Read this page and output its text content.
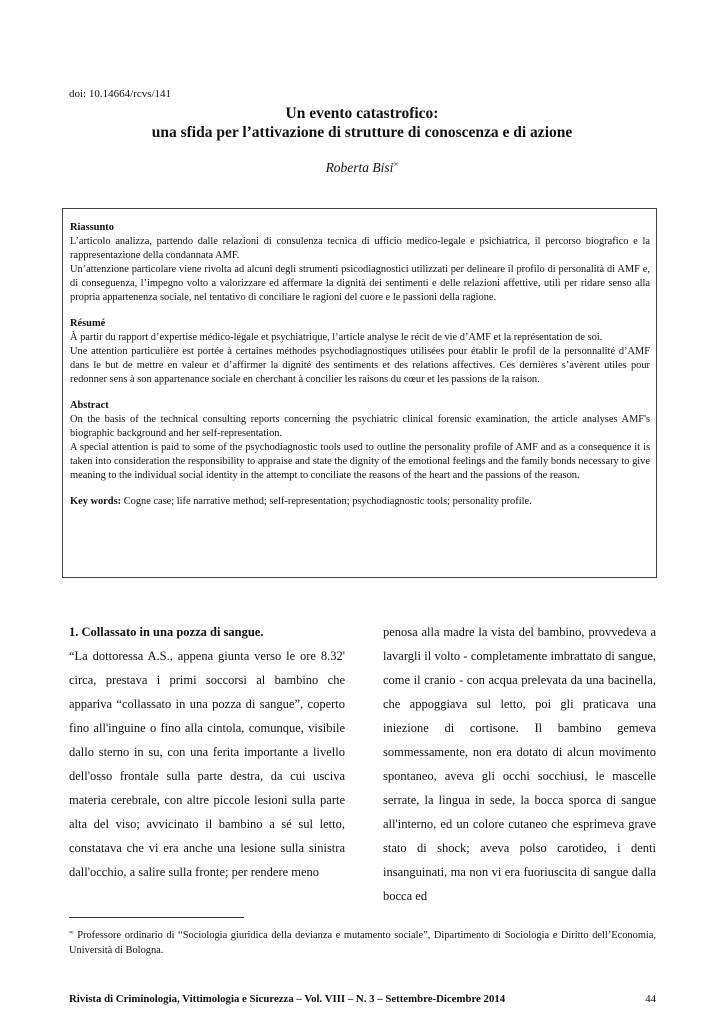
doi: 10.14664/rcvs/141
Un evento catastrofico:
una sfida per l’attivazione di strutture di conoscenza e di azione
Roberta Bisi∞

Riassunto

L’articolo analizza, partendo dalle relazioni di consulenza tecnica di ufficio medico-legale e psichiatrica, il percorso biografico e la rappresentazione della condannata AMF.

Un’attenzione particolare viene rivolta ad alcuni degli strumenti psicodiagnostici utilizzati per delineare il profilo di personalità di AMF e, di conseguenza, l’impegno volto a valorizzare ed affermare la dignità dei sentimenti e delle relazioni affettive, utili per ridare senso alla propria appartenenza sociale, nel tentativo di conciliare le ragioni del cuore e le passioni della ragione.

Résumé

À partir du rapport d’expertise médico-légale et psychiatrique, l’article analyse le récit de vie d’AMF et la représentation de soi.

Une attention particulière est portée à certaines méthodes psychodiagnostiques utilisées pour établir le profil de la personnalité d’AMF dans le but de mettre en valeur et d’affirmer la dignité des sentiments et des relations affectives. Ces dernières s’avèrent utiles pour redonner sens à son appartenance sociale en cherchant à concilier les raisons du cœur et les passions de la raison.

Abstract

On the basis of the technical consulting reports concerning the psychiatric clinical forensic examination, the article analyses AMF's biographic background and her self-representation.

A special attention is paid to some of the psychodiagnostic tools used to outline the personality profile of AMF and as a consequence it is taken into consideration the responsibility to appraise and state the dignity of the emotional feelings and the family bonds necessary to give meaning to the individual social identity in the attempt to conciliate the reasons of the heart and the passions of the reason.

Key words: Cogne case; life narrative method; self-representation; psychodiagnostic tools; personality profile.

1. Collassato in una pozza di sangue.

“La dottoressa A.S., appena giunta verso le ore 8.32' circa, prestava i primi soccorsi al bambino che appariva “collassato in una pozza di sangue”, coperto fino all'inguine o fino alla cintola, comunque, visibile dallo sterno in su, con una ferita importante a livello dell'osso frontale sulla parte destra, da cui usciva materia cerebrale, con altre piccole lesioni sulla parte alta del viso; avvicinato il bambino a sé sul letto, constatava che vi era anche una lesione sulla sinistra dall'occhio, a salire sulla fronte; per rendere meno

penosa alla madre la vista del bambino, provvedeva a lavargli il volto - completamente imbrattato di sangue, come il cranio - con acqua prelevata da una bacinella, che appoggiava sul letto, poi gli praticava una iniezione di cortisone. Il bambino gemeva sommessamente, non era dotato di alcun movimento spontaneo, aveva gli occhi socchiusi, le mascelle serrate, la lingua in sede, la bocca sporca di sangue all'interno, ed un colore cutaneo che esprimeva grave stato di shock; aveva polso carotideo, i denti insanguinati, ma non vi era fuoriuscita di sangue dalla bocca ed

∞ Professore ordinario di “Sociologia giuridica della devianza e mutamento sociale”, Dipartimento di Sociologia e Diritto dell’Economia, Università di Bologna.
Rivista di Criminologia, Vittimologia e Sicurezza – Vol. VIII – N. 3 – Settembre-Dicembre 2014	44
